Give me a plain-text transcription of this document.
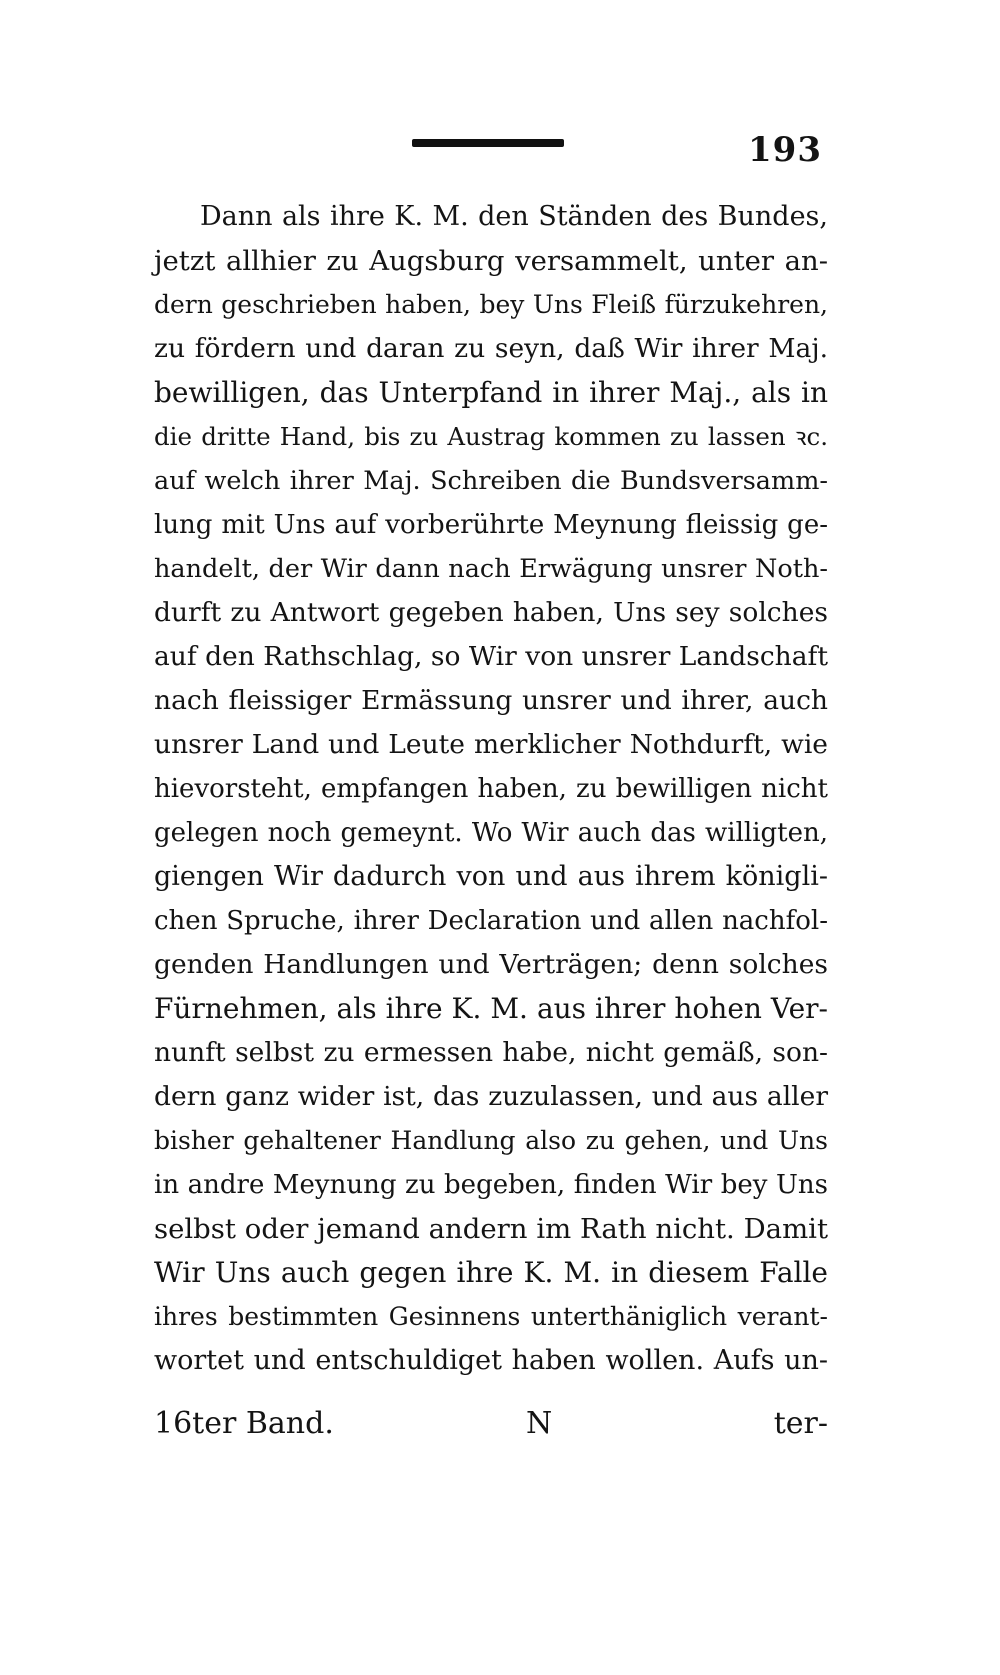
193
Dann als ihre K. M. den Ständen des Bundes,
jetzt allhier zu Augsburg versammelt, unter an-
dern geschrieben haben, bey Uns Fleiß fürzukehren,
zu fördern und daran zu seyn, daß Wir ihrer Maj.
bewilligen, das Unterpfand in ihrer Maj., als in
die dritte Hand, bis zu Austrag kommen zu lassen ꝛc.
auf welch ihrer Maj. Schreiben die Bundsversamm-
lung mit Uns auf vorberührte Meynung fleissig ge-
handelt, der Wir dann nach Erwägung unsrer Noth-
durft zu Antwort gegeben haben, Uns sey solches
auf den Rathschlag, so Wir von unsrer Landschaft
nach fleissiger Ermässung unsrer und ihrer, auch
unsrer Land und Leute merklicher Nothdurft, wie
hievorsteht, empfangen haben, zu bewilligen nicht
gelegen noch gemeynt. Wo Wir auch das willigten,
giengen Wir dadurch von und aus ihrem königli-
chen Spruche, ihrer Declaration und allen nachfol-
genden Handlungen und Verträgen; denn solches
Fürnehmen, als ihre K. M. aus ihrer hohen Ver-
nunft selbst zu ermessen habe, nicht gemäß, son-
dern ganz wider ist, das zuzulassen, und aus aller
bisher gehaltener Handlung also zu gehen, und Uns
in andre Meynung zu begeben, finden Wir bey Uns
selbst oder jemand andern im Rath nicht. Damit
Wir Uns auch gegen ihre K. M. in diesem Falle
ihres bestimmten Gesinnens unterthäniglich verant-
wortet und entschuldiget haben wollen. Aufs un-
16ter Band.	N	ter-
